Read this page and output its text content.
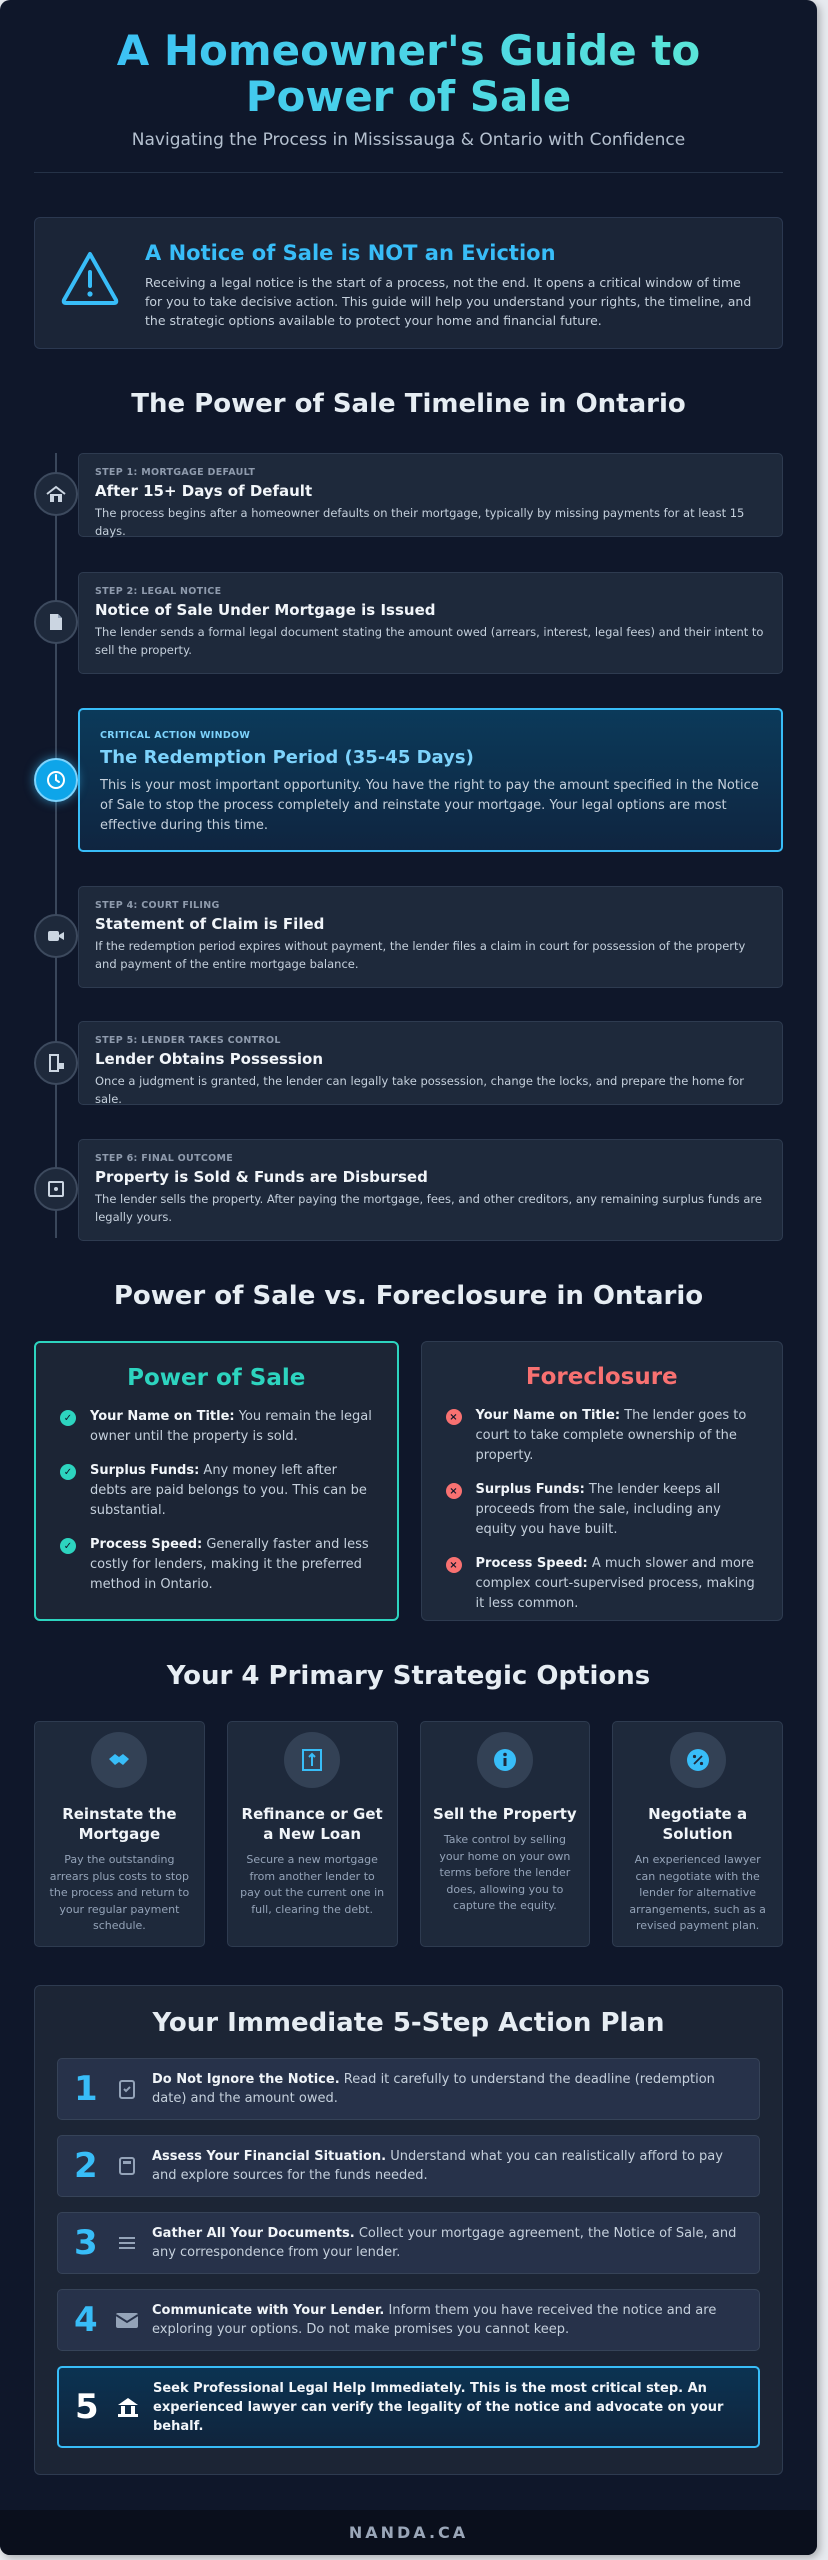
A Homeowner's Guide to Power of Sale
Navigating the Process in Mississauga & Ontario with Confidence
A Notice of Sale is NOT an Eviction
Receiving a legal notice is the start of a process, not the end. It opens a critical window of time for you to take decisive action. This guide will help you understand your rights, the timeline, and the strategic options available to protect your home and financial future.
The Power of Sale Timeline in Ontario
STEP 1: MORTGAGE DEFAULT
After 15+ Days of Default
The process begins after a homeowner defaults on their mortgage, typically by missing payments for at least 15 days.
STEP 2: LEGAL NOTICE
Notice of Sale Under Mortgage is Issued
The lender sends a formal legal document stating the amount owed (arrears, interest, legal fees) and their intent to sell the property.
CRITICAL ACTION WINDOW
The Redemption Period (35-45 Days)
This is your most important opportunity. You have the right to pay the amount specified in the Notice of Sale to stop the process completely and reinstate your mortgage. Your legal options are most effective during this time.
STEP 4: COURT FILING
Statement of Claim is Filed
If the redemption period expires without payment, the lender files a claim in court for possession of the property and payment of the entire mortgage balance.
STEP 5: LENDER TAKES CONTROL
Lender Obtains Possession
Once a judgment is granted, the lender can legally take possession, change the locks, and prepare the home for sale.
STEP 6: FINAL OUTCOME
Property is Sold & Funds are Disbursed
The lender sells the property. After paying the mortgage, fees, and other creditors, any remaining surplus funds are legally yours.
Power of Sale vs. Foreclosure in Ontario
Power of Sale
✓ Your Name on Title: You remain the legal owner until the property is sold.
✓ Surplus Funds: Any money left after debts are paid belongs to you. This can be substantial.
✓ Process Speed: Generally faster and less costly for lenders, making it the preferred method in Ontario.
Foreclosure
× Your Name on Title: The lender goes to court to take complete ownership of the property.
× Surplus Funds: The lender keeps all proceeds from the sale, including any equity you have built.
× Process Speed: A much slower and more complex court-supervised process, making it less common.
Your 4 Primary Strategic Options
Reinstate the Mortgage
Pay the outstanding arrears plus costs to stop the process and return to your regular payment schedule.
Refinance or Get a New Loan
Secure a new mortgage from another lender to pay out the current one in full, clearing the debt.
Sell the Property
Take control by selling your home on your own terms before the lender does, allowing you to capture the equity.
Negotiate a Solution
An experienced lawyer can negotiate with the lender for alternative arrangements, such as a revised payment plan.
Your Immediate 5-Step Action Plan
1	Do Not Ignore the Notice. Read it carefully to understand the deadline (redemption date) and the amount owed.
2	Assess Your Financial Situation. Understand what you can realistically afford to pay and explore sources for the funds needed.
3	Gather All Your Documents. Collect your mortgage agreement, the Notice of Sale, and any correspondence from your lender.
4	Communicate with Your Lender. Inform them you have received the notice and are exploring your options. Do not make promises you cannot keep.
5	Seek Professional Legal Help Immediately. This is the most critical step. An experienced lawyer can verify the legality of the notice and advocate on your behalf.
NANDA.CA
